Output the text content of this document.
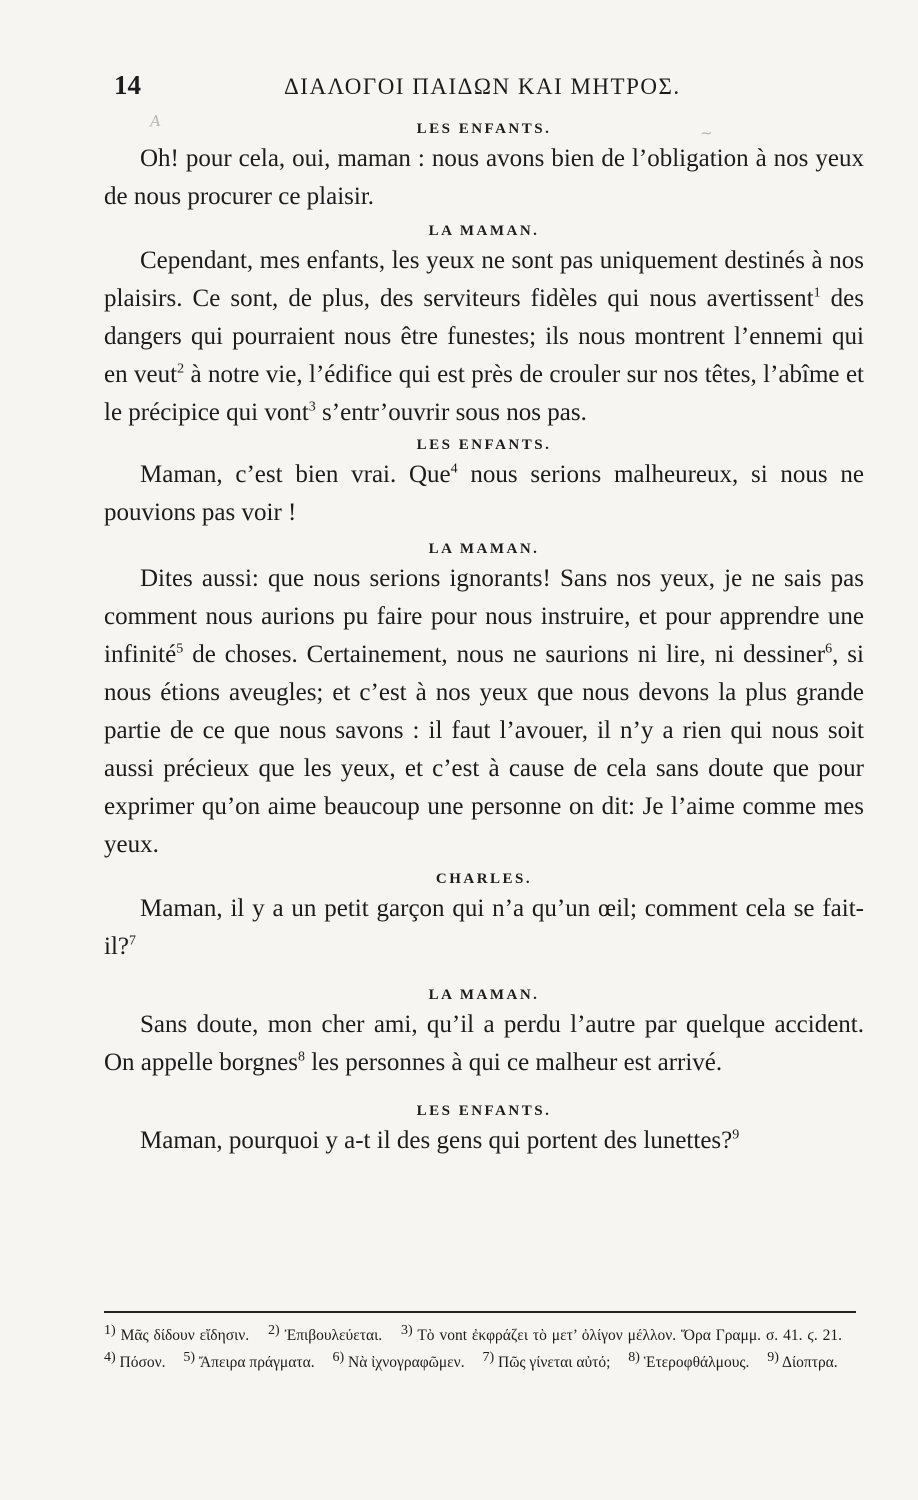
A
~
14	ΔΙΑΛΟΓΟΙ ΠΑΙΔΩΝ ΚΑΙ ΜΗΤΡΟΣ.

LES ENFANTS.

Oh! pour cela, oui, maman : nous avons bien de l’obligation à nos yeux de nous procurer ce plaisir.

LA MAMAN.

Cependant, mes enfants, les yeux ne sont pas uniquement destinés à nos plaisirs. Ce sont, de plus, des serviteurs fidèles qui nous avertissent$^1$ des dangers qui pourraient nous être funestes; ils nous montrent l’ennemi qui en veut$^2$ à notre vie, l’édifice qui est près de crouler sur nos têtes, l’abîme et le précipice qui vont$^3$ s’entr’ouvrir sous nos pas.

LES ENFANTS.

Maman, c’est bien vrai. Que$^4$ nous serions malheureux, si nous ne pouvions pas voir !

LA MAMAN.

Dites aussi: que nous serions ignorants! Sans nos yeux, je ne sais pas comment nous aurions pu faire pour nous instruire, et pour apprendre une infinité$^5$ de choses. Certainement, nous ne saurions ni lire, ni dessiner$^6$, si nous étions aveugles; et c’est à nos yeux que nous devons la plus grande partie de ce que nous savons : il faut l’avouer, il n’y a rien qui nous soit aussi précieux que les yeux, et c’est à cause de cela sans doute que pour exprimer qu’on aime beaucoup une personne on dit: Je l’aime comme mes yeux.

CHARLES.

Maman, il y a un petit garçon qui n’a qu’un œil; comment cela se fait-il?$^7$

LA MAMAN.

Sans doute, mon cher ami, qu’il a perdu l’autre par quelque accident. On appelle borgnes$^8$ les personnes à qui ce malheur est arrivé.

LES ENFANTS.

Maman, pourquoi y a-t il des gens qui portent des lunettes?$^9$

$^{1)}$ Μᾶς δίδουν εἴδησιν. $^{2)}$ Ἐπιβουλεύεται. $^{3)}$ Τὸ vont ἐκφράζει τὸ μετ’ ὀλίγον μέλλον. Ὅρα Γραμμ. σ. 41. ϛ. 21. $^{4)}$ Πόσον. $^{5)}$ Ἄπειρα πράγματα. $^{6)}$ Νὰ ἰχνογραφῶμεν. $^{7)}$ Πῶς γίνεται αὐτό; $^{8)}$ Ἑτεροφθάλμους. $^{9)}$ Δίοπτρα.
